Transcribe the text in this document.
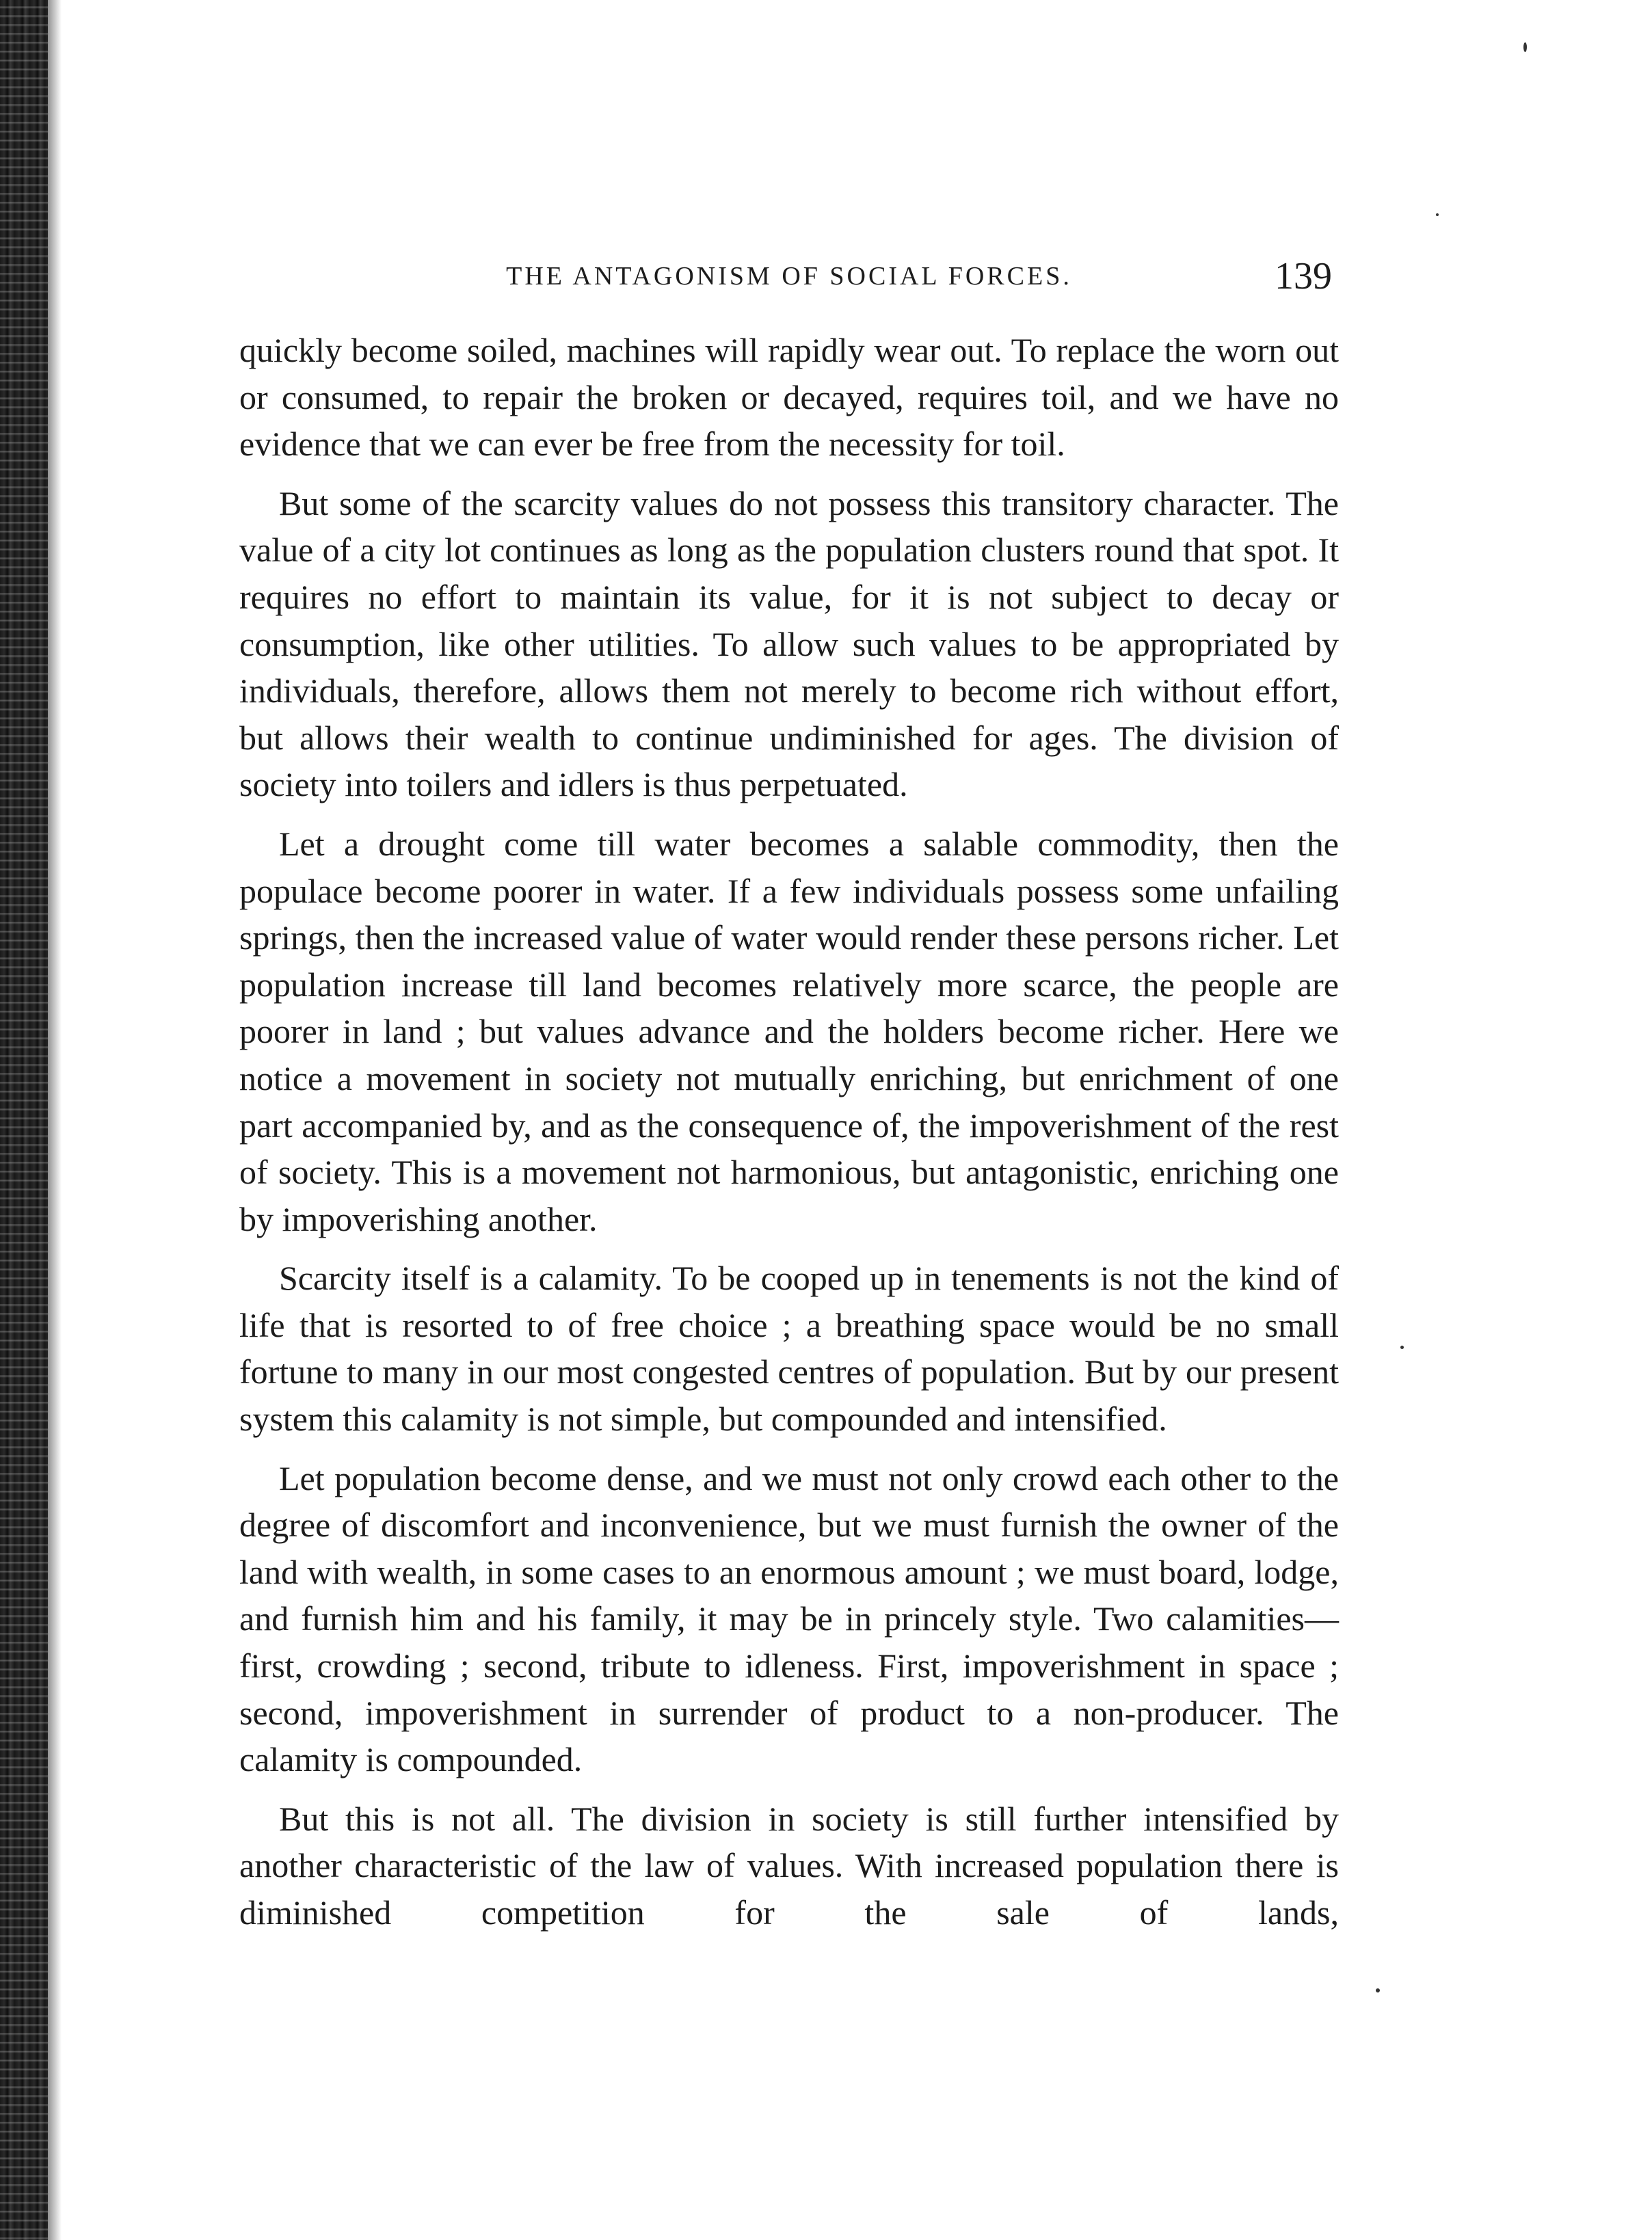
THE ANTAGONISM OF SOCIAL FORCES.	139

quickly become soiled, machines will rapidly wear out. To replace the worn out or consumed, to repair the broken or decayed, requires toil, and we have no evidence that we can ever be free from the necessity for toil.

But some of the scarcity values do not possess this transitory character. The value of a city lot continues as long as the population clusters round that spot. It requires no effort to maintain its value, for it is not subject to decay or consumption, like other utilities. To allow such values to be appropriated by individuals, therefore, allows them not merely to become rich without effort, but allows their wealth to continue undiminished for ages. The division of society into toilers and idlers is thus perpetuated.

Let a drought come till water becomes a salable commodity, then the populace become poorer in water. If a few individuals possess some unfailing springs, then the increased value of water would render these persons richer. Let population increase till land becomes relatively more scarce, the people are poorer in land ; but values advance and the holders become richer. Here we notice a movement in society not mutually enriching, but enrichment of one part accompanied by, and as the consequence of, the impoverishment of the rest of society. This is a movement not harmonious, but antagonistic, enriching one by impoverishing another.

Scarcity itself is a calamity. To be cooped up in tenements is not the kind of life that is resorted to of free choice ; a breathing space would be no small fortune to many in our most congested centres of population. But by our present system this calamity is not simple, but compounded and intensified.

Let population become dense, and we must not only crowd each other to the degree of discomfort and inconvenience, but we must furnish the owner of the land with wealth, in some cases to an enormous amount ; we must board, lodge, and furnish him and his family, it may be in princely style. Two calamities—first, crowding ; second, tribute to idleness. First, impoverishment in space ; second, impoverishment in surrender of product to a non-producer. The calamity is compounded.

But this is not all. The division in society is still further intensified by another characteristic of the law of values. With increased population there is diminished competition for the sale of lands,
